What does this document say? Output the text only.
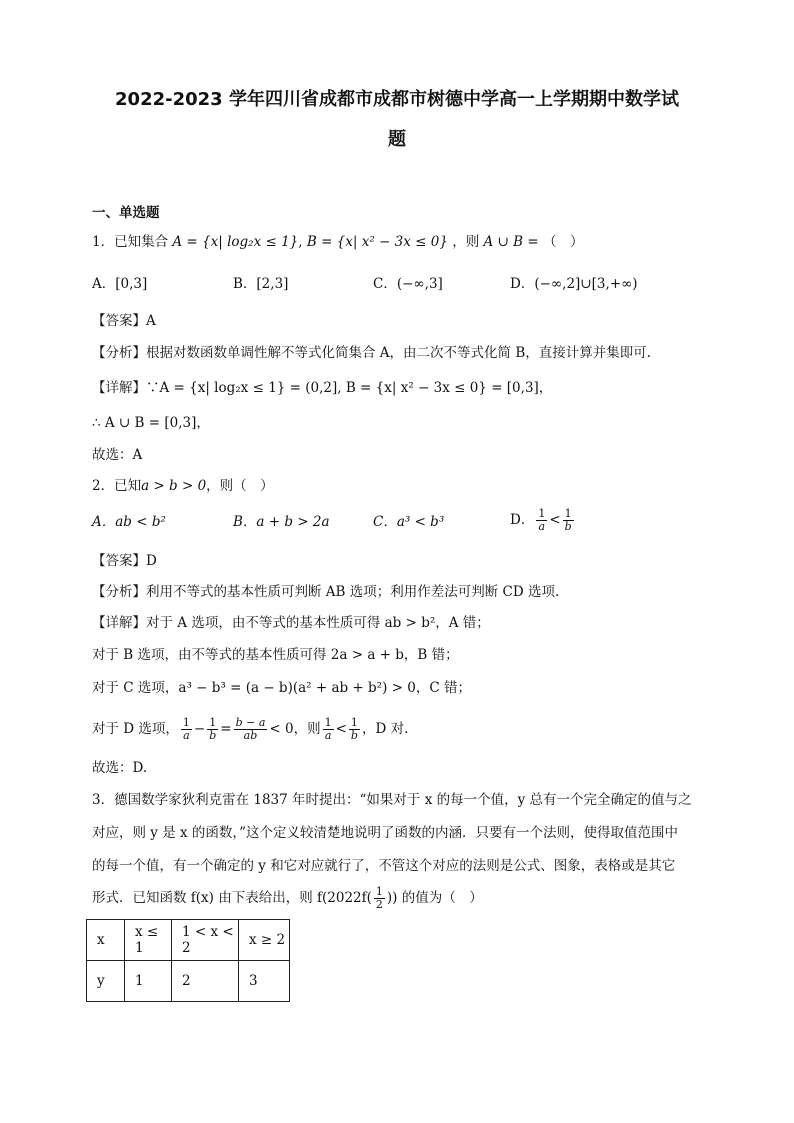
2022-2023 学年四川省成都市成都市树德中学高一上学期期中数学试
题
一、单选题
1．已知集合 A = {x| log₂x ≤ 1}, B = {x| x² − 3x ≤ 0} ，则 A ∪ B = （　）
A．[0,3]	B．[2,3]	C．(−∞,3]	D．(−∞,2]∪[3,+∞)
【答案】A
【分析】根据对数函数单调性解不等式化简集合 A，由二次不等式化简 B，直接计算并集即可.
【详解】∵A = {x| log₂x ≤ 1} = (0,2], B = {x| x² − 3x ≤ 0} = [0,3]，
∴ A ∪ B = [0,3]，
故选：A
2．已知a > b > 0，则（　）
A．ab < b²	B．a + b > 2a	C．a³ < b³	D． $\frac{1}{a} < \frac{1}{b}$
【答案】D
【分析】利用不等式的基本性质可判断 AB 选项；利用作差法可判断 CD 选项.
【详解】对于 A 选项，由不等式的基本性质可得 ab > b²，A 错；
对于 B 选项，由不等式的基本性质可得 2a > a + b，B 错；
对于 C 选项，a³ − b³ = (a − b)(a² + ab + b²) > 0，C 错；
对于 D 选项， $\frac{1}{a} - \frac{1}{b} = \frac{b - a}{ab} < 0$，则 $\frac{1}{a} < \frac{1}{b}$ ，D 对.
故选：D.
3．德国数学家狄利克雷在 1837 年时提出：“如果对于 x 的每一个值，y 总有一个完全确定的值与之
对应，则 y 是 x 的函数，”这个定义较清楚地说明了函数的内涵．只要有一个法则，使得取值范围中
的每一个值，有一个确定的 y 和它对应就行了，不管这个对应的法则是公式、图象，表格或是其它
形式．已知函数 f(x) 由下表给出，则 $f(2022f( \frac{1}{2}$ )) 的值为（　）
x	x ≤ 1	1 < x < 2	x ≥ 2
y	1	2	3
